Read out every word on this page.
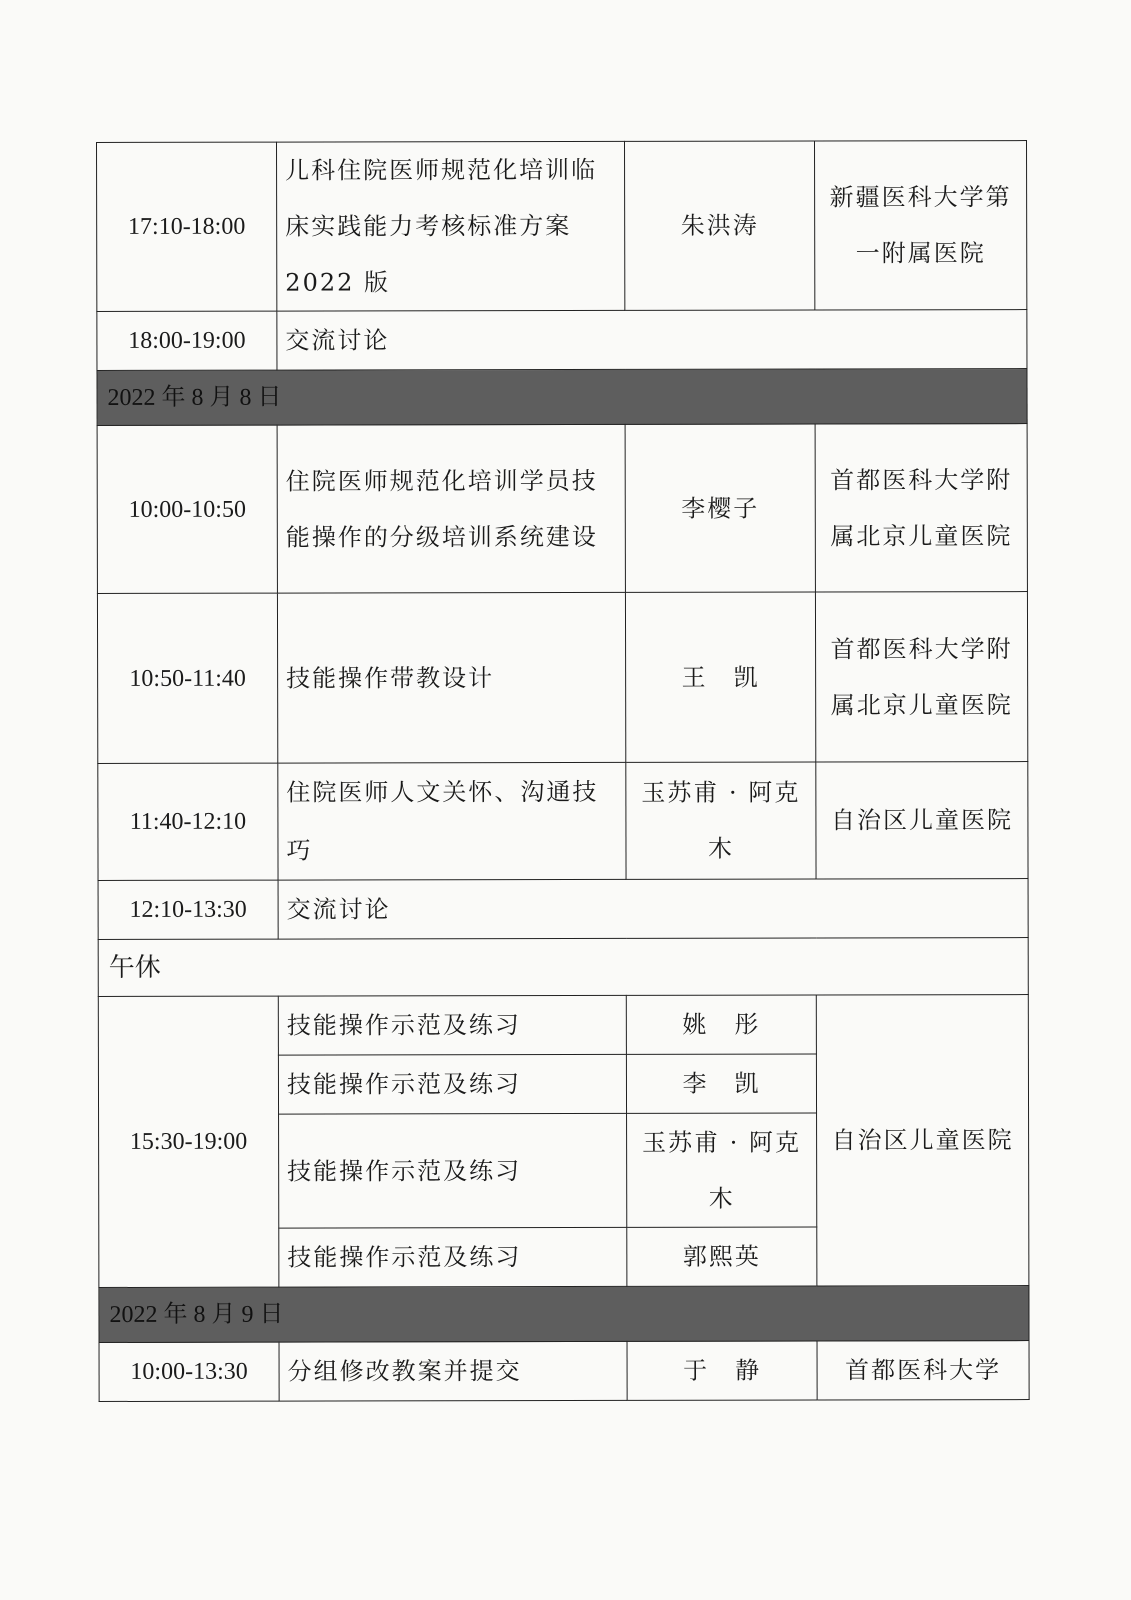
17:10-18:00	儿科住院医师规范化培训临床实践能力考核标准方案 2022 版	朱洪涛	新疆医科大学第一附属医院
18:00-19:00	交流讨论		
2022 年 8 月 8 日			
10:00-10:50	住院医师规范化培训学员技能操作的分级培训系统建设	李樱子	首都医科大学附属北京儿童医院
10:50-11:40	技能操作带教设计	王　凯	首都医科大学附属北京儿童医院
11:40-12:10	住院医师人文关怀、沟通技巧	玉苏甫 · 阿克木	自治区儿童医院
12:10-13:30	交流讨论		
午休			
15:30-19:00	技能操作示范及练习	姚　彤	自治区儿童医院
	技能操作示范及练习	李　凯	
	技能操作示范及练习	玉苏甫 · 阿克木	
	技能操作示范及练习	郭熙英	
2022 年 8 月 9 日			
10:00-13:30	分组修改教案并提交	于　静	首都医科大学
